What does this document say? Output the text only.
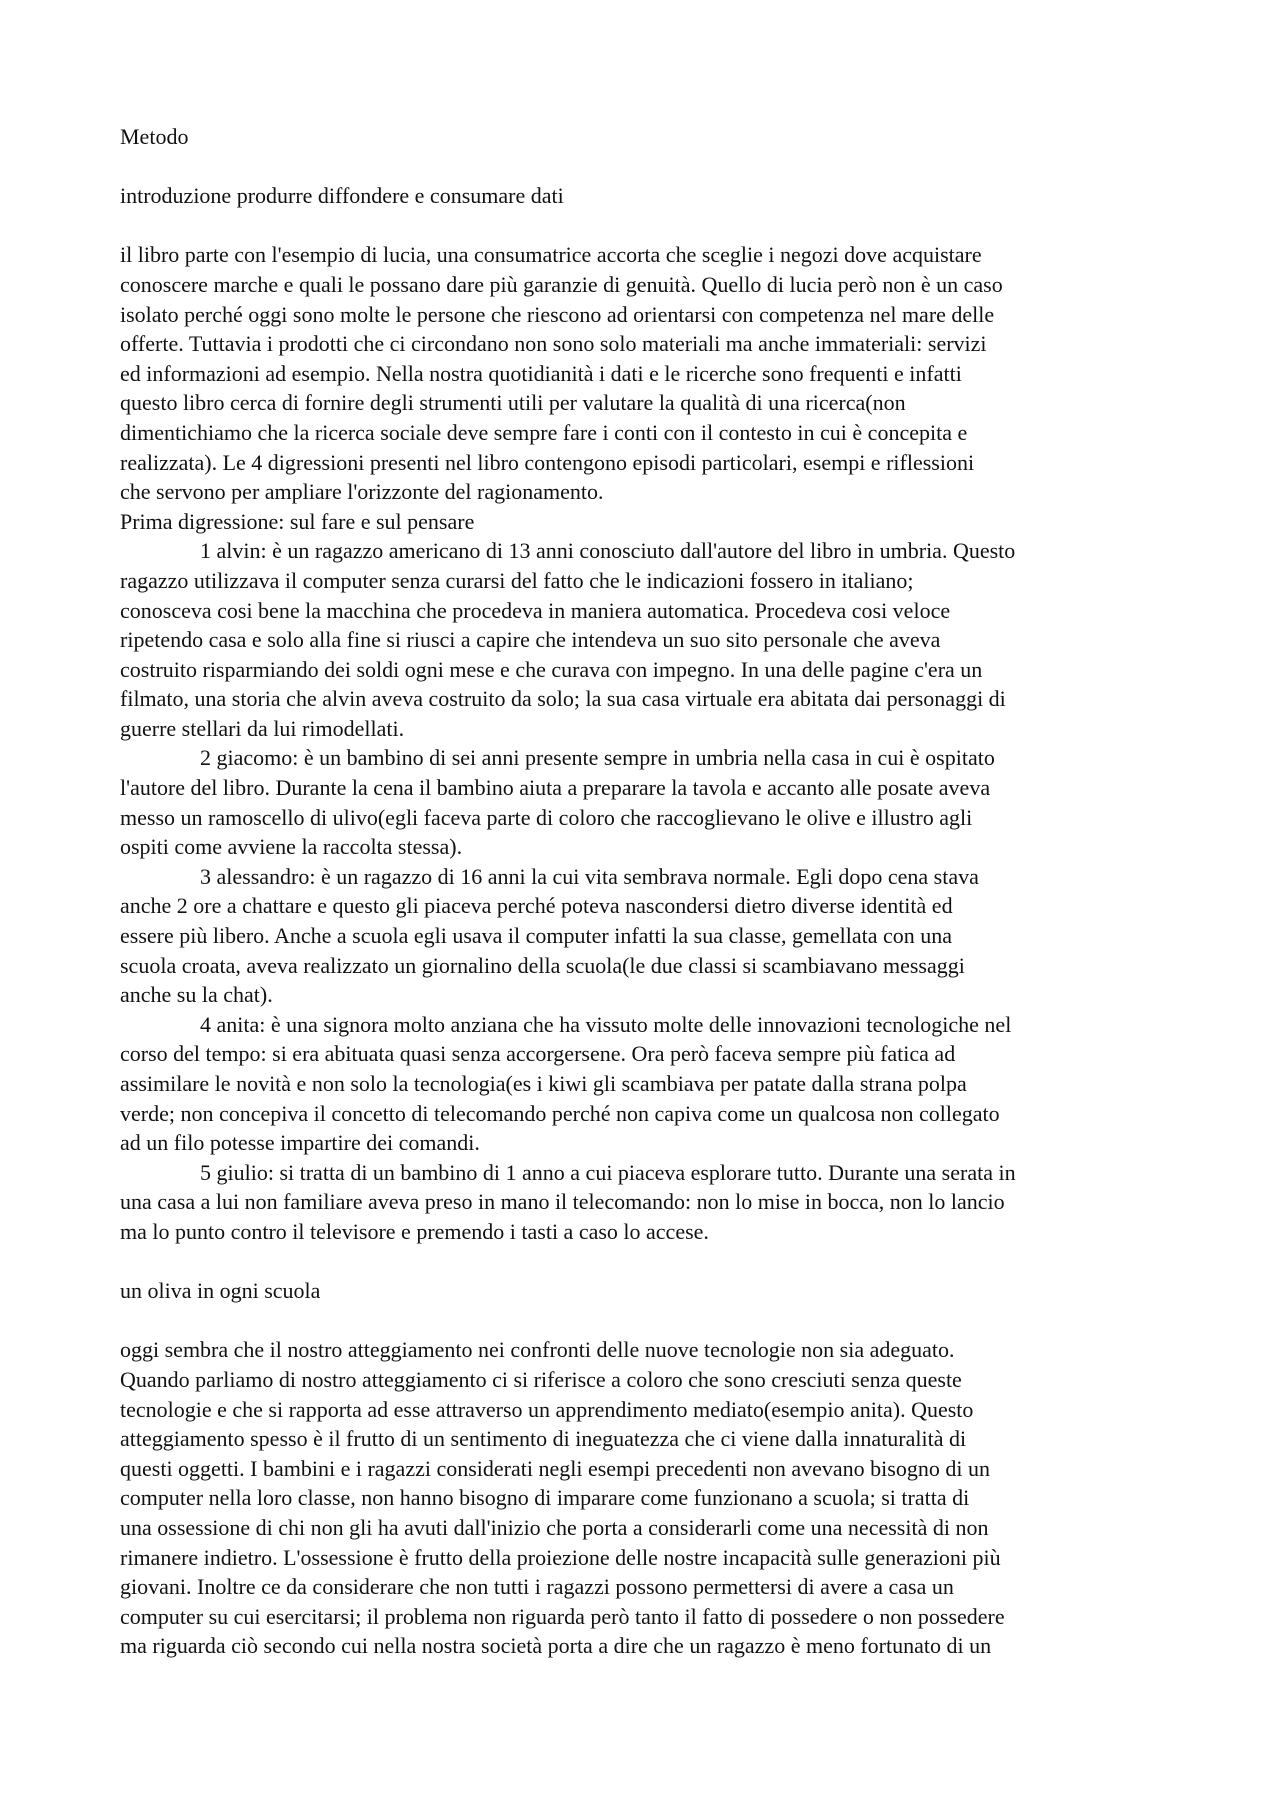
Metodo
introduzione produrre diffondere e consumare dati
il libro parte con l'esempio di lucia, una consumatrice accorta che sceglie i negozi dove acquistare
conoscere marche e quali le possano dare più garanzie di genuità. Quello di lucia però non è un caso
isolato perché oggi sono molte le persone che riescono ad orientarsi con competenza nel mare delle
offerte. Tuttavia i prodotti che ci circondano non sono solo materiali ma anche immateriali: servizi
ed informazioni ad esempio. Nella nostra quotidianità i dati e le ricerche sono frequenti e infatti
questo libro cerca di fornire degli strumenti utili per valutare la qualità di una ricerca(non
dimentichiamo che la ricerca sociale deve sempre fare i conti con il contesto in cui è concepita e
realizzata). Le 4 digressioni presenti nel libro contengono episodi particolari, esempi e riflessioni
che servono per ampliare l'orizzonte del ragionamento.
Prima digressione: sul fare e sul pensare
1 alvin: è un ragazzo americano di 13 anni conosciuto dall'autore del libro in umbria. Questo
ragazzo utilizzava il computer senza curarsi del fatto che le indicazioni fossero in italiano;
conosceva cosi bene la macchina che procedeva in maniera automatica. Procedeva cosi veloce
ripetendo casa e solo alla fine si riusci a capire che intendeva un suo sito personale che aveva
costruito risparmiando dei soldi ogni mese e che curava con impegno. In una delle pagine c'era un
filmato, una storia che alvin aveva costruito da solo; la sua casa virtuale era abitata dai personaggi di
guerre stellari da lui rimodellati.
2 giacomo: è un bambino di sei anni presente sempre in umbria nella casa in cui è ospitato
l'autore del libro. Durante la cena il bambino aiuta a preparare la tavola e accanto alle posate aveva
messo un ramoscello di ulivo(egli faceva parte di coloro che raccoglievano le olive e illustro agli
ospiti come avviene la raccolta stessa).
3 alessandro: è un ragazzo di 16 anni la cui vita sembrava normale. Egli dopo cena stava
anche 2 ore a chattare e questo gli piaceva perché poteva nascondersi dietro diverse identità ed
essere più libero. Anche a scuola egli usava il computer infatti la sua classe, gemellata con una
scuola croata, aveva realizzato un giornalino della scuola(le due classi si scambiavano messaggi
anche su la chat).
4 anita: è una signora molto anziana che ha vissuto molte delle innovazioni tecnologiche nel
corso del tempo: si era abituata quasi senza accorgersene. Ora però faceva sempre più fatica ad
assimilare le novità e non solo la tecnologia(es i kiwi gli scambiava per patate dalla strana polpa
verde; non concepiva il concetto di telecomando perché non capiva come un qualcosa non collegato
ad un filo potesse impartire dei comandi.
5 giulio: si tratta di un bambino di 1 anno a cui piaceva esplorare tutto. Durante una serata in
una casa a lui non familiare aveva preso in mano il telecomando: non lo mise in bocca, non lo lancio
ma lo punto contro il televisore e premendo i tasti a caso lo accese.
un oliva in ogni scuola
oggi sembra che il nostro atteggiamento nei confronti delle nuove tecnologie non sia adeguato.
Quando parliamo di nostro atteggiamento ci si riferisce a coloro che sono cresciuti senza queste
tecnologie e che si rapporta ad esse attraverso un apprendimento mediato(esempio anita). Questo
atteggiamento spesso è il frutto di un sentimento di ineguatezza che ci viene dalla innaturalità di
questi oggetti. I bambini e i ragazzi considerati negli esempi precedenti non avevano bisogno di un
computer nella loro classe, non hanno bisogno di imparare come funzionano a scuola; si tratta di
una ossessione di chi non gli ha avuti dall'inizio che porta a considerarli come una necessità di non
rimanere indietro. L'ossessione è frutto della proiezione delle nostre incapacità sulle generazioni più
giovani. Inoltre ce da considerare che non tutti i ragazzi possono permettersi di avere a casa un
computer su cui esercitarsi; il problema non riguarda però tanto il fatto di possedere o non possedere
ma riguarda ciò secondo cui nella nostra società porta a dire che un ragazzo è meno fortunato di un
